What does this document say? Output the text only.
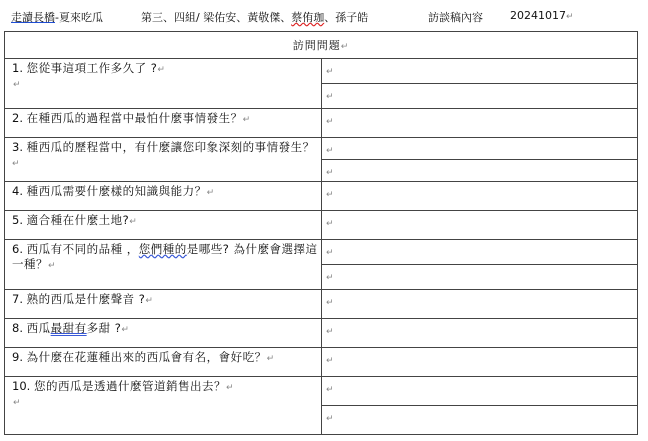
走讀長橋-夏來吃瓜	第三、四組/ 梁佑安、黃敬傑、蔡侑珈、孫子皓	訪談稿內容 20241017↵
訪問問題↵	
1. 您從事這項工作多久了 ?↵
↵	↵
	↵
2. 在種西瓜的過程當中最怕什麼事情發生？↵	↵
3. 種西瓜的歷程當中，有什麼讓您印象深刻的事情發生？↵	↵
	↵
4. 種西瓜需要什麼樣的知識與能力？↵	↵
5. 適合種在什麼土地?↵	↵
6. 西瓜有不同的品種 ，您們種的是哪些? 為什麼會選擇這一種？↵	↵
	↵
7. 熟的西瓜是什麼聲音 ?↵	↵
8. 西瓜最甜有多甜 ?↵	↵
9. 為什麼在花蓮種出來的西瓜會有名，會好吃？↵	↵
10. 您的西瓜是透過什麼管道銷售出去？↵
↵	↵
	↵
